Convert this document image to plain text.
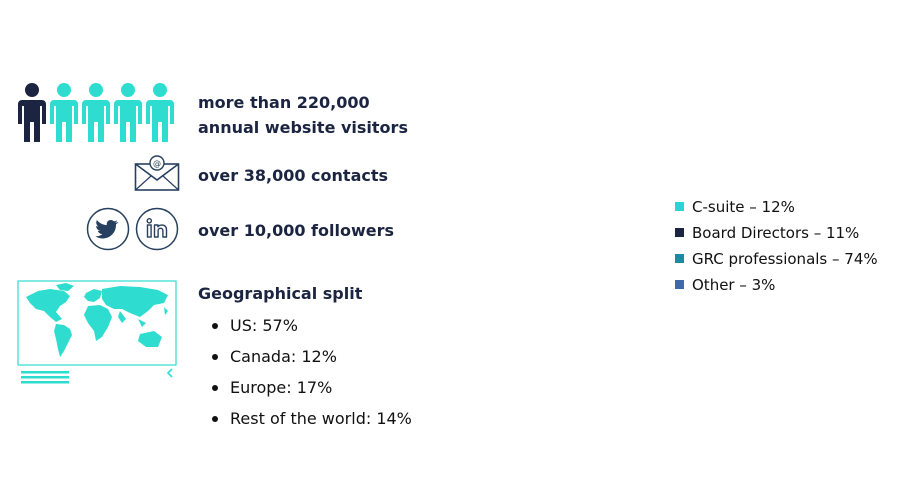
more than 220,000
annual website visitors
@
over 38,000 contacts
over 10,000 followers
Geographical split
US: 57%
Canada: 12%
Europe: 17%
Rest of the world: 14%
C-suite – 12%
Board Directors – 11%
GRC professionals – 74%
Other – 3%
